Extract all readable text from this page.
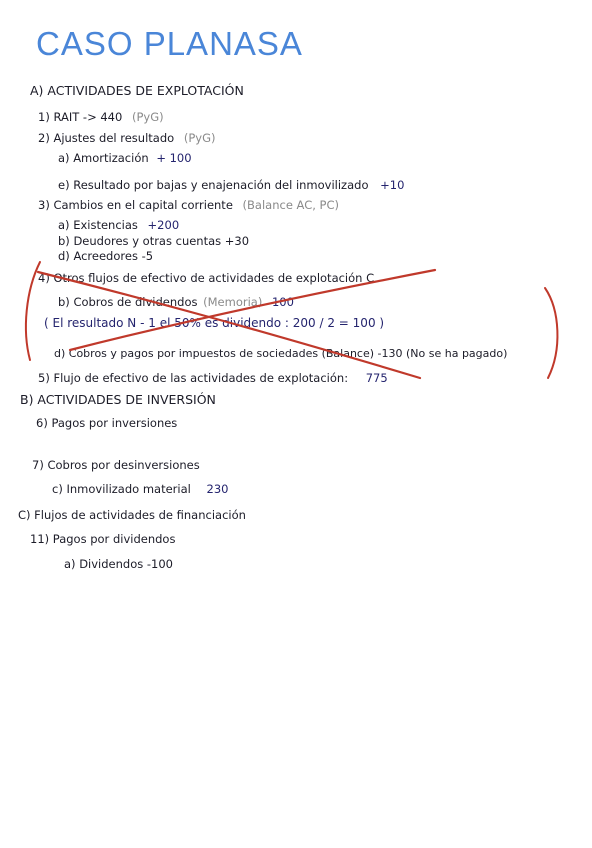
CASO PLANASA
A) ACTIVIDADES DE EXPLOTACIÓN
1) RAIT -> 440 (PyG)
2) Ajustes del resultado (PyG)
a) Amortización + 100
e) Resultado por bajas y enajenación del inmovilizado +10
3) Cambios en el capital corriente (Balance AC, PC)
a) Existencias +200
b) Deudores y otras cuentas +30
d) Acreedores -5
4) Otros flujos de efectivo de actividades de explotación C.
b) Cobros de dividendos (Memoria) 100
( El resultado N - 1 el 50% es dividendo : 200 / 2 = 100 )
d) Cobros y pagos por impuestos de sociedades (Balance) -130 (No se ha pagado)
5) Flujo de efectivo de las actividades de explotación: 775
B) ACTIVIDADES DE INVERSIÓN
6) Pagos por inversiones
7) Cobros por desinversiones
c) Inmovilizado material 230
C) Flujos de actividades de financiación
11) Pagos por dividendos
a) Dividendos -100
